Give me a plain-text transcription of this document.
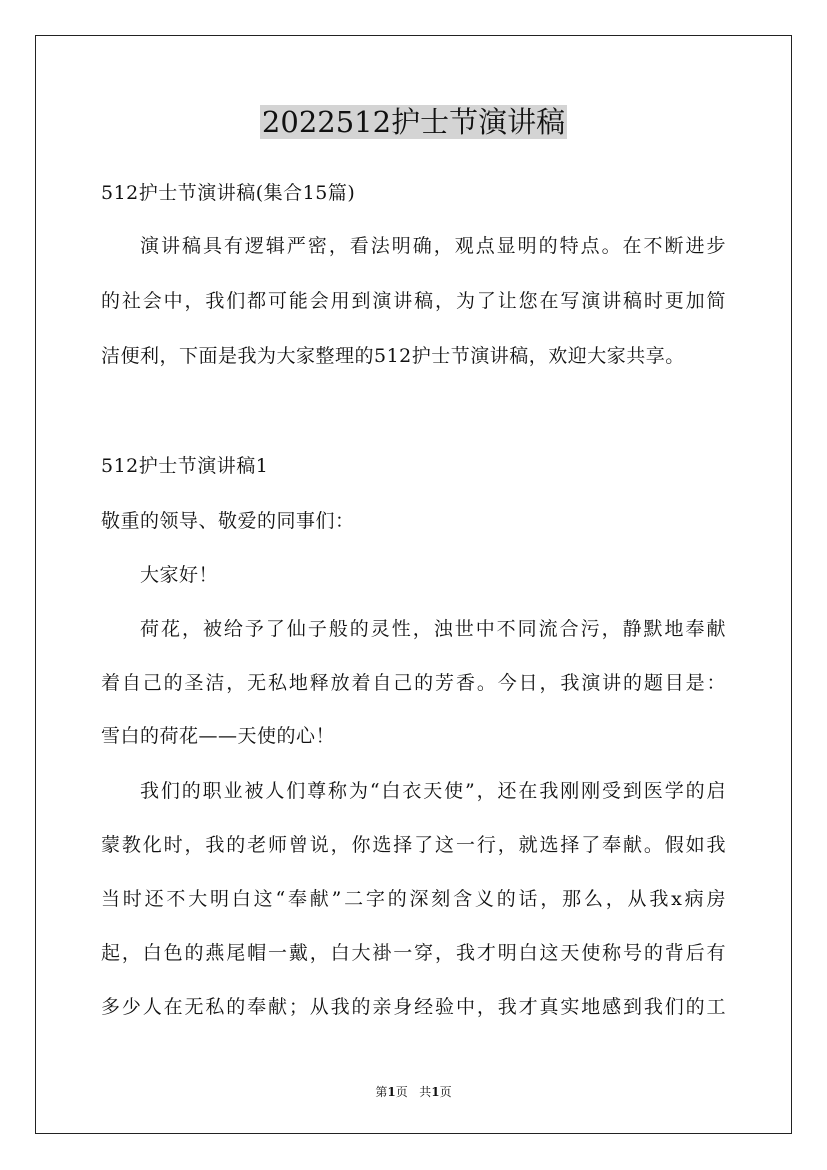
2022512护士节演讲稿
512护士节演讲稿(集合15篇)
演讲稿具有逻辑严密，看法明确，观点显明的特点。在不断进步
的社会中，我们都可能会用到演讲稿，为了让您在写演讲稿时更加简
洁便利，下面是我为大家整理的512护士节演讲稿，欢迎大家共享。
512护士节演讲稿1
敬重的领导、敬爱的同事们：
大家好！
荷花，被给予了仙子般的灵性，浊世中不同流合污，静默地奉献
着自己的圣洁，无私地释放着自己的芳香。今日，我演讲的题目是：
雪白的荷花——天使的心！
我们的职业被人们尊称为“白衣天使”，还在我刚刚受到医学的启
蒙教化时，我的老师曾说，你选择了这一行，就选择了奉献。假如我
当时还不大明白这“奉献”二字的深刻含义的话，那么，从我x病房
起，白色的燕尾帽一戴，白大褂一穿，我才明白这天使称号的背后有
多少人在无私的奉献；从我的亲身经验中，我才真实地感到我们的工
第1页 共1页
